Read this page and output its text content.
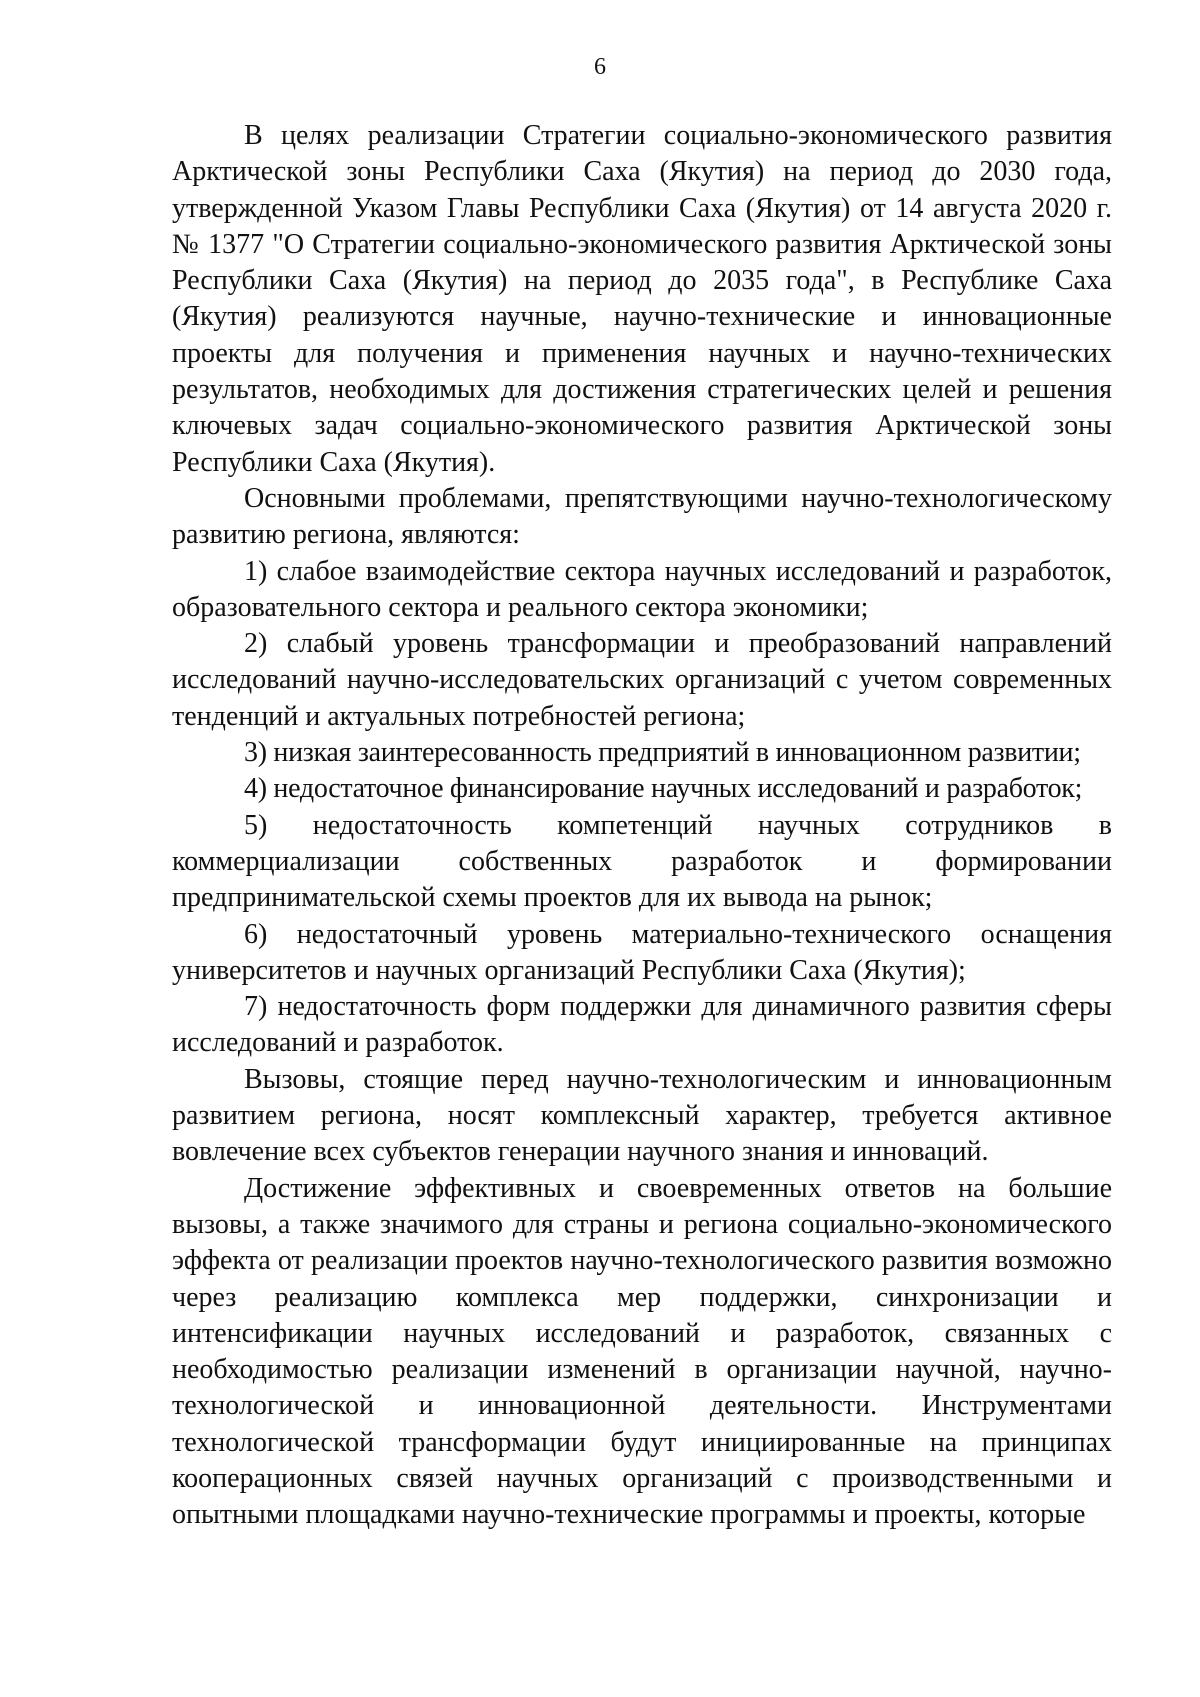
6

В целях реализации Стратегии социально-экономического развития Арктической зоны Республики Саха (Якутия) на период до 2030 года, утвержденной Указом Главы Республики Саха (Якутия) от 14 августа 2020 г. № 1377 "О Стратегии социально-экономического развития Арктической зоны Республики Саха (Якутия) на период до 2035 года", в Республике Саха (Якутия) реализуются научные, научно-технические и инновационные проекты для получения и применения научных и научно-технических результатов, необходимых для достижения стратегических целей и решения ключевых задач социально-экономического развития Арктической зоны Республики Саха (Якутия).

Основными проблемами, препятствующими научно-технологическому развитию региона, являются:

1) слабое взаимодействие сектора научных исследований и разработок, образовательного сектора и реального сектора экономики;

2) слабый уровень трансформации и преобразований направлений исследований научно-исследовательских организаций с учетом современных тенденций и актуальных потребностей региона;

3) низкая заинтересованность предприятий в инновационном развитии;

4) недостаточное финансирование научных исследований и разработок;

5) недостаточность компетенций научных сотрудников в коммерциализации собственных разработок и формировании предпринимательской схемы проектов для их вывода на рынок;

6) недостаточный уровень материально-технического оснащения университетов и научных организаций Республики Саха (Якутия);

7) недостаточность форм поддержки для динамичного развития сферы исследований и разработок.

Вызовы, стоящие перед научно-технологическим и инновационным развитием региона, носят комплексный характер, требуется активное вовлечение всех субъектов генерации научного знания и инноваций.

Достижение эффективных и своевременных ответов на большие вызовы, а также значимого для страны и региона социально-экономического эффекта от реализации проектов научно-технологического развития возможно через реализацию комплекса мер поддержки, синхронизации и интенсификации научных исследований и разработок, связанных с необходимостью реализации изменений в организации научной, научно-технологической и инновационной деятельности. Инструментами технологической трансформации будут инициированные на принципах кооперационных связей научных организаций с производственными и опытными площадками научно-технические программы и проекты, которые
